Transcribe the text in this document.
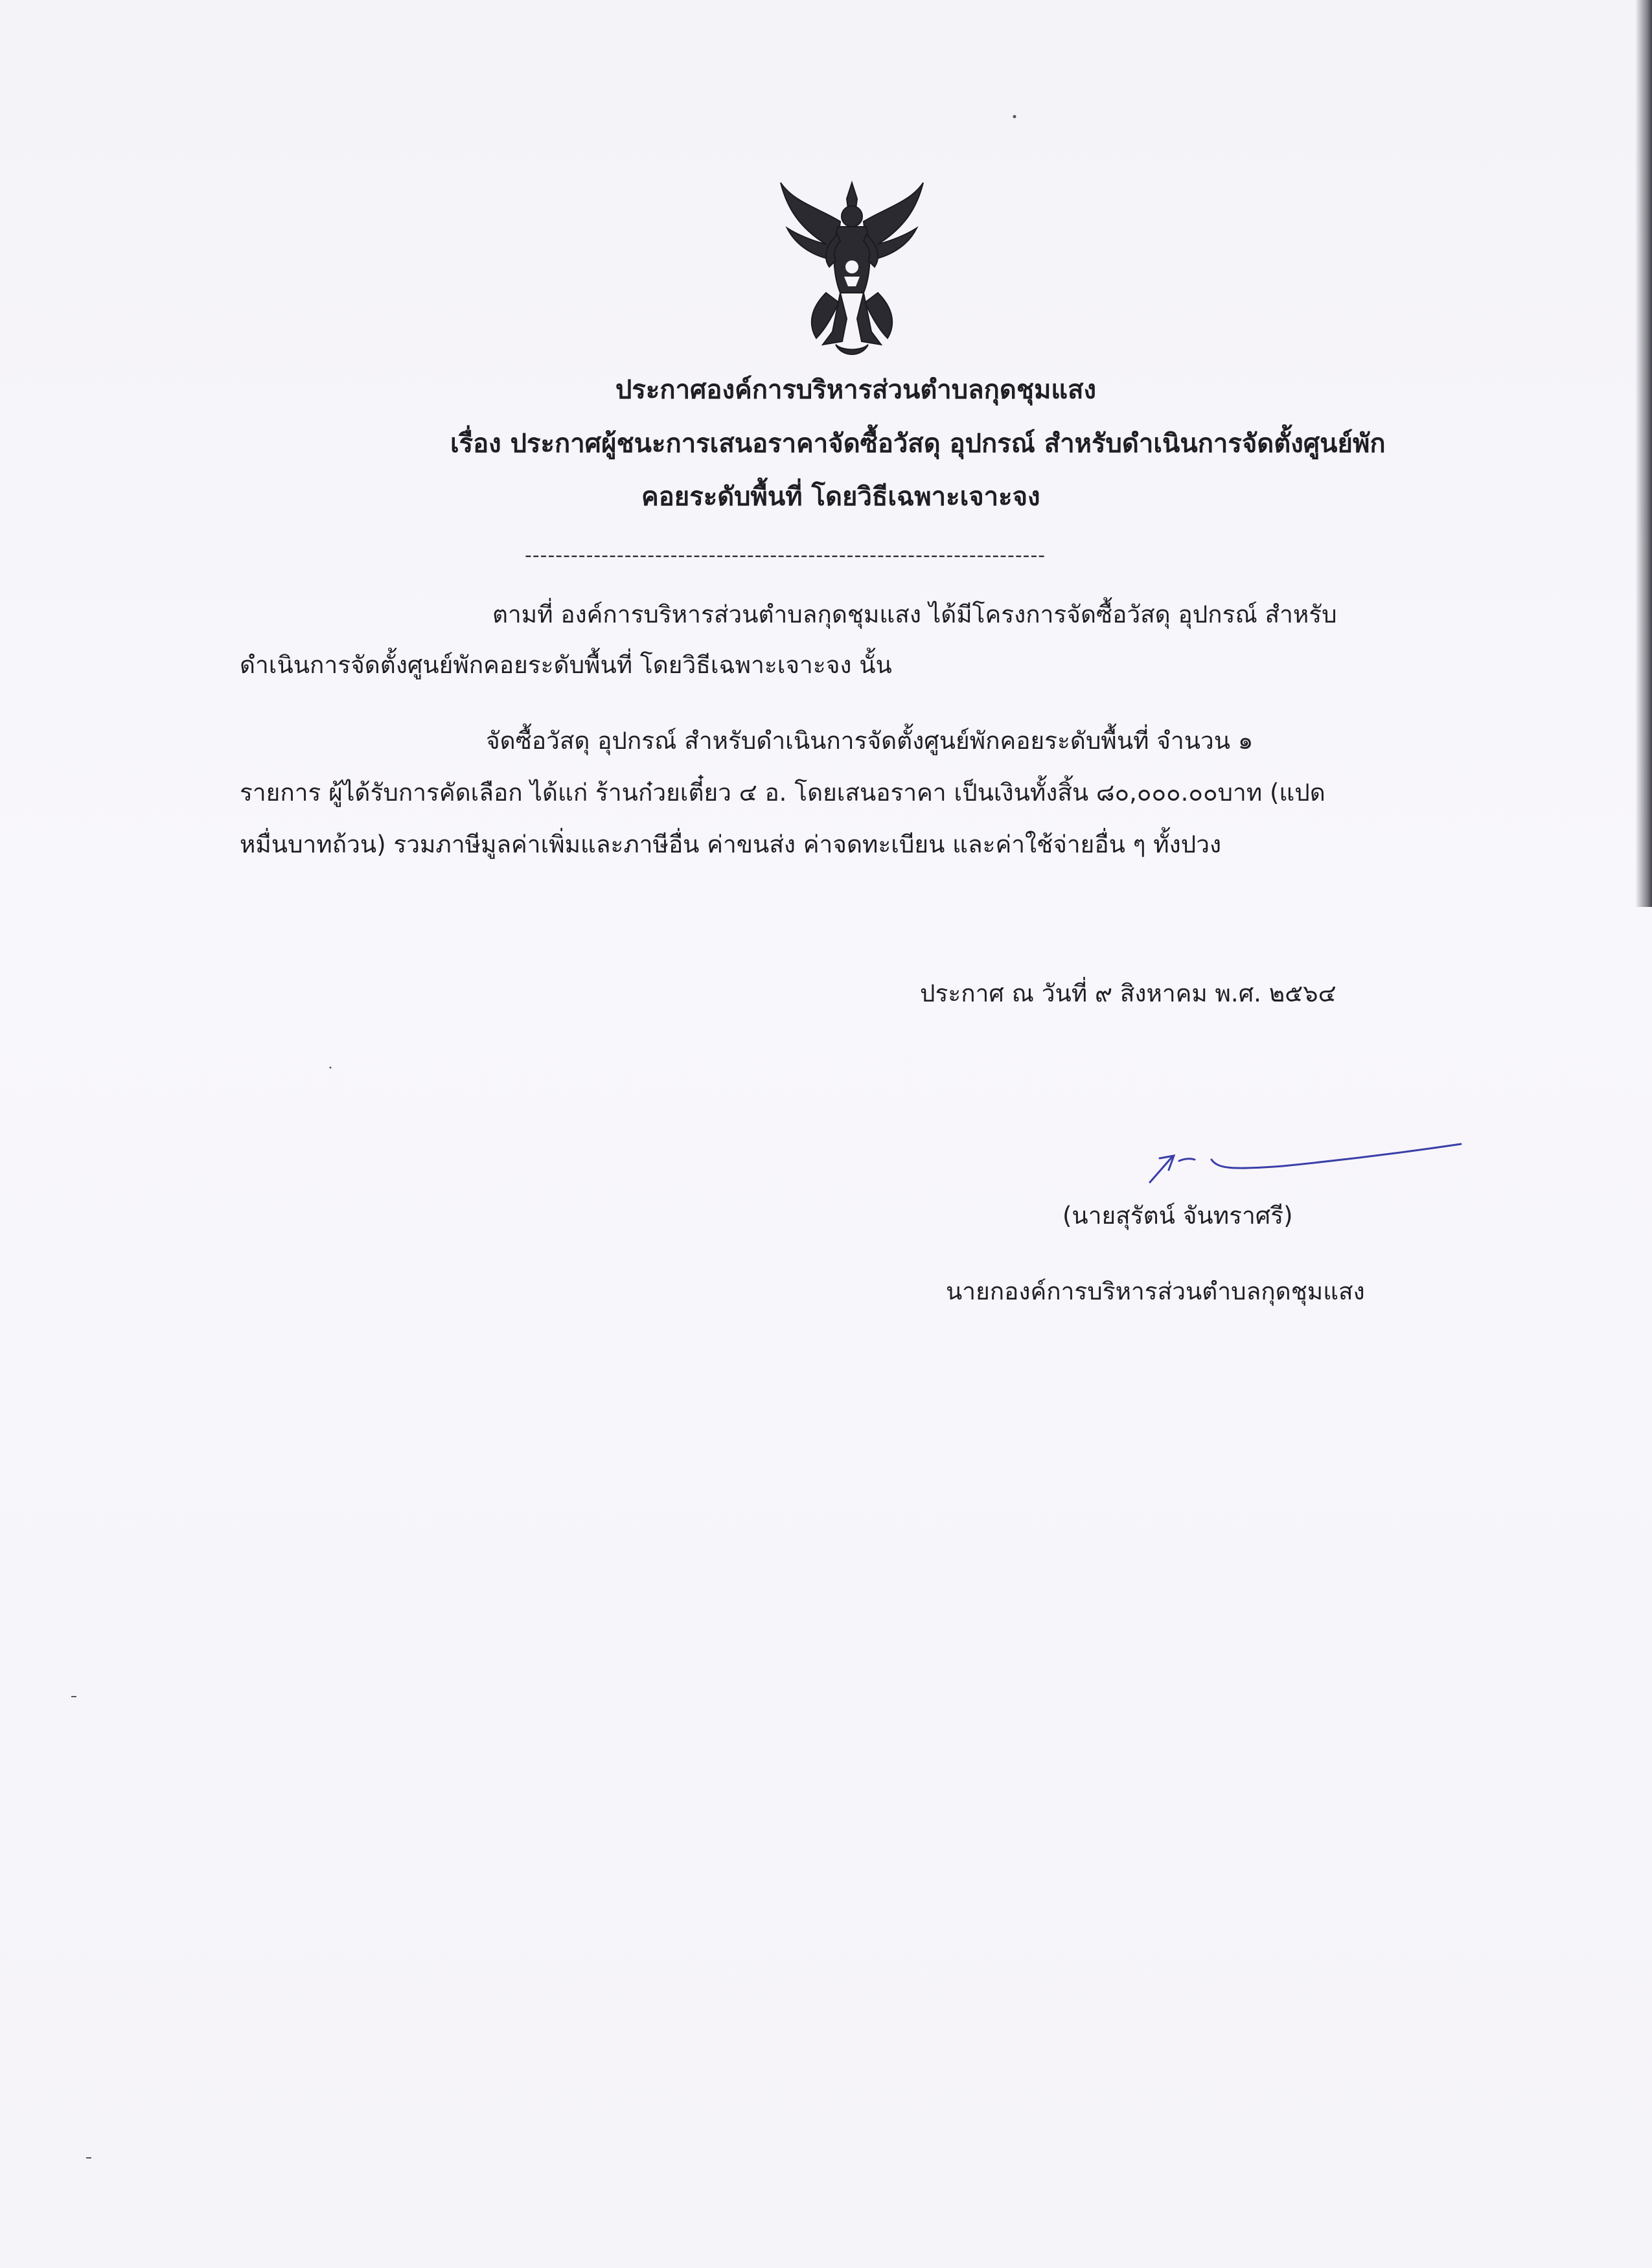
ประกาศองค์การบริหารส่วนตำบลกุดชุมแสง
เรื่อง ประกาศผู้ชนะการเสนอราคาจัดซื้อวัสดุ อุปกรณ์ สำหรับดำเนินการจัดตั้งศูนย์พัก
คอยระดับพื้นที่ โดยวิธีเฉพาะเจาะจง
--------------------------------------------------------------------
ตามที่ องค์การบริหารส่วนตำบลกุดชุมแสง ได้มีโครงการจัดซื้อวัสดุ อุปกรณ์ สำหรับ
ดำเนินการจัดตั้งศูนย์พักคอยระดับพื้นที่ โดยวิธีเฉพาะเจาะจง นั้น
จัดซื้อวัสดุ อุปกรณ์ สำหรับดำเนินการจัดตั้งศูนย์พักคอยระดับพื้นที่ จำนวน ๑
รายการ ผู้ได้รับการคัดเลือก ได้แก่ ร้านก๋วยเตี๋ยว ๔ อ. โดยเสนอราคา เป็นเงินทั้งสิ้น ๘๐,๐๐๐.๐๐บาท (แปด
หมื่นบาทถ้วน) รวมภาษีมูลค่าเพิ่มและภาษีอื่น ค่าขนส่ง ค่าจดทะเบียน และค่าใช้จ่ายอื่น ๆ ทั้งปวง
ประกาศ ณ วันที่ ๙ สิงหาคม พ.ศ. ๒๕๖๔
(นายสุรัตน์ จันทราศรี)
นายกองค์การบริหารส่วนตำบลกุดชุมแสง
